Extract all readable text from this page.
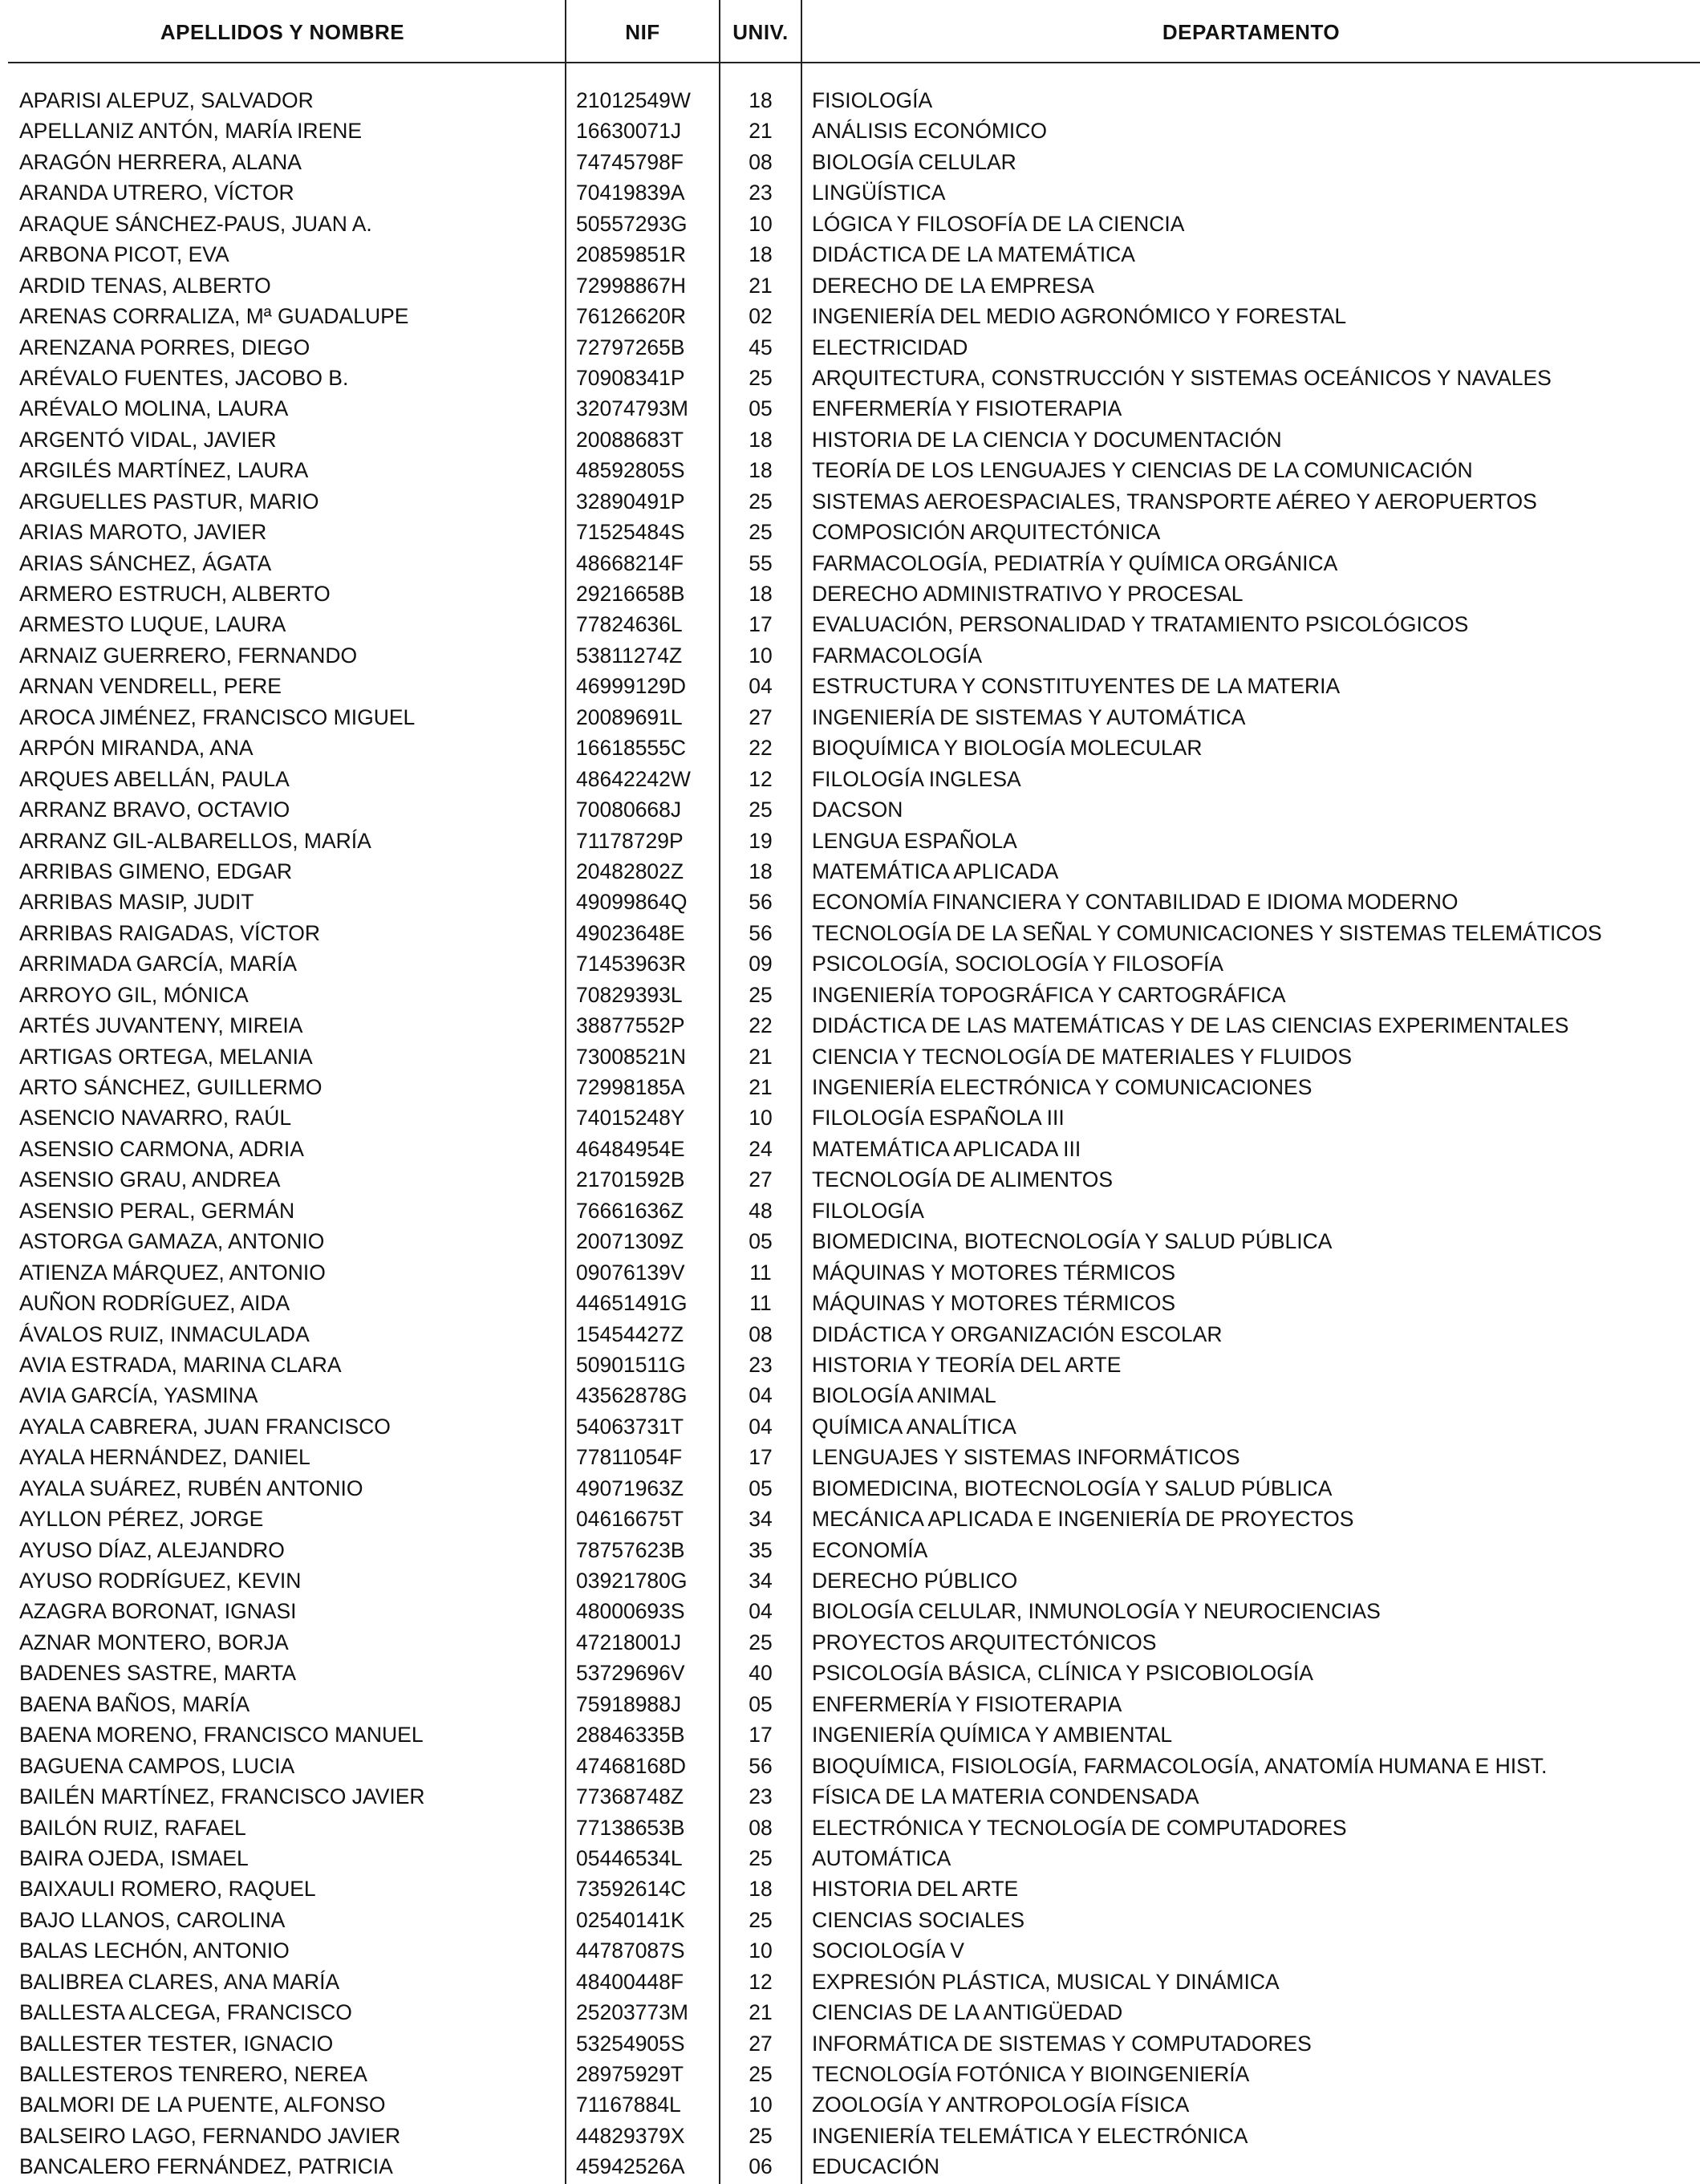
APELLIDOS Y NOMBRE	NIF	UNIV.	DEPARTAMENTO
APARISI ALEPUZ, SALVADOR	21012549W	18	FISIOLOGÍA
APELLANIZ ANTÓN, MARÍA IRENE	16630071J	21	ANÁLISIS ECONÓMICO
ARAGÓN HERRERA, ALANA	74745798F	08	BIOLOGÍA CELULAR
ARANDA UTRERO, VÍCTOR	70419839A	23	LINGÜÍSTICA
ARAQUE SÁNCHEZ-PAUS, JUAN A.	50557293G	10	LÓGICA Y FILOSOFÍA DE LA CIENCIA
ARBONA PICOT, EVA	20859851R	18	DIDÁCTICA DE LA MATEMÁTICA
ARDID TENAS, ALBERTO	72998867H	21	DERECHO DE LA EMPRESA
ARENAS CORRALIZA, Mª GUADALUPE	76126620R	02	INGENIERÍA DEL MEDIO AGRONÓMICO Y FORESTAL
ARENZANA PORRES, DIEGO	72797265B	45	ELECTRICIDAD
ARÉVALO FUENTES, JACOBO B.	70908341P	25	ARQUITECTURA, CONSTRUCCIÓN Y SISTEMAS OCEÁNICOS Y NAVALES
ARÉVALO MOLINA, LAURA	32074793M	05	ENFERMERÍA Y FISIOTERAPIA
ARGENTÓ VIDAL, JAVIER	20088683T	18	HISTORIA DE LA CIENCIA Y DOCUMENTACIÓN
ARGILÉS MARTÍNEZ, LAURA	48592805S	18	TEORÍA DE LOS LENGUAJES Y CIENCIAS DE LA COMUNICACIÓN
ARGUELLES PASTUR, MARIO	32890491P	25	SISTEMAS AEROESPACIALES, TRANSPORTE AÉREO Y AEROPUERTOS
ARIAS MAROTO, JAVIER	71525484S	25	COMPOSICIÓN ARQUITECTÓNICA
ARIAS SÁNCHEZ, ÁGATA	48668214F	55	FARMACOLOGÍA, PEDIATRÍA Y QUÍMICA ORGÁNICA
ARMERO ESTRUCH, ALBERTO	29216658B	18	DERECHO ADMINISTRATIVO Y PROCESAL
ARMESTO LUQUE, LAURA	77824636L	17	EVALUACIÓN, PERSONALIDAD Y TRATAMIENTO PSICOLÓGICOS
ARNAIZ GUERRERO, FERNANDO	53811274Z	10	FARMACOLOGÍA
ARNAN VENDRELL, PERE	46999129D	04	ESTRUCTURA Y CONSTITUYENTES DE LA MATERIA
AROCA JIMÉNEZ, FRANCISCO MIGUEL	20089691L	27	INGENIERÍA DE SISTEMAS Y AUTOMÁTICA
ARPÓN MIRANDA, ANA	16618555C	22	BIOQUÍMICA Y BIOLOGÍA MOLECULAR
ARQUES ABELLÁN, PAULA	48642242W	12	FILOLOGÍA INGLESA
ARRANZ BRAVO, OCTAVIO	70080668J	25	DACSON
ARRANZ GIL-ALBARELLOS, MARÍA	71178729P	19	LENGUA ESPAÑOLA
ARRIBAS GIMENO, EDGAR	20482802Z	18	MATEMÁTICA APLICADA
ARRIBAS MASIP, JUDIT	49099864Q	56	ECONOMÍA FINANCIERA Y CONTABILIDAD E IDIOMA MODERNO
ARRIBAS RAIGADAS, VÍCTOR	49023648E	56	TECNOLOGÍA DE LA SEÑAL Y COMUNICACIONES Y SISTEMAS TELEMÁTICOS
ARRIMADA GARCÍA, MARÍA	71453963R	09	PSICOLOGÍA, SOCIOLOGÍA Y FILOSOFÍA
ARROYO GIL, MÓNICA	70829393L	25	INGENIERÍA TOPOGRÁFICA Y CARTOGRÁFICA
ARTÉS JUVANTENY, MIREIA	38877552P	22	DIDÁCTICA DE LAS MATEMÁTICAS Y DE LAS CIENCIAS EXPERIMENTALES
ARTIGAS ORTEGA, MELANIA	73008521N	21	CIENCIA Y TECNOLOGÍA DE MATERIALES Y FLUIDOS
ARTO SÁNCHEZ, GUILLERMO	72998185A	21	INGENIERÍA ELECTRÓNICA Y COMUNICACIONES
ASENCIO NAVARRO, RAÚL	74015248Y	10	FILOLOGÍA ESPAÑOLA III
ASENSIO CARMONA, ADRIA	46484954E	24	MATEMÁTICA APLICADA III
ASENSIO GRAU, ANDREA	21701592B	27	TECNOLOGÍA DE ALIMENTOS
ASENSIO PERAL, GERMÁN	76661636Z	48	FILOLOGÍA
ASTORGA GAMAZA, ANTONIO	20071309Z	05	BIOMEDICINA, BIOTECNOLOGÍA Y SALUD PÚBLICA
ATIENZA MÁRQUEZ, ANTONIO	09076139V	11	MÁQUINAS Y MOTORES TÉRMICOS
AUÑON RODRÍGUEZ, AIDA	44651491G	11	MÁQUINAS Y MOTORES TÉRMICOS
ÁVALOS RUIZ, INMACULADA	15454427Z	08	DIDÁCTICA Y ORGANIZACIÓN ESCOLAR
AVIA ESTRADA, MARINA CLARA	50901511G	23	HISTORIA Y TEORÍA DEL ARTE
AVIA GARCÍA, YASMINA	43562878G	04	BIOLOGÍA ANIMAL
AYALA CABRERA, JUAN FRANCISCO	54063731T	04	QUÍMICA ANALÍTICA
AYALA HERNÁNDEZ, DANIEL	77811054F	17	LENGUAJES Y SISTEMAS INFORMÁTICOS
AYALA SUÁREZ, RUBÉN ANTONIO	49071963Z	05	BIOMEDICINA, BIOTECNOLOGÍA Y SALUD PÚBLICA
AYLLON PÉREZ, JORGE	04616675T	34	MECÁNICA APLICADA E INGENIERÍA DE PROYECTOS
AYUSO DÍAZ, ALEJANDRO	78757623B	35	ECONOMÍA
AYUSO RODRÍGUEZ, KEVIN	03921780G	34	DERECHO PÚBLICO
AZAGRA BORONAT, IGNASI	48000693S	04	BIOLOGÍA CELULAR, INMUNOLOGÍA Y NEUROCIENCIAS
AZNAR MONTERO, BORJA	47218001J	25	PROYECTOS ARQUITECTÓNICOS
BADENES SASTRE, MARTA	53729696V	40	PSICOLOGÍA BÁSICA, CLÍNICA Y PSICOBIOLOGÍA
BAENA BAÑOS, MARÍA	75918988J	05	ENFERMERÍA Y FISIOTERAPIA
BAENA MORENO, FRANCISCO MANUEL	28846335B	17	INGENIERÍA QUÍMICA Y AMBIENTAL
BAGUENA CAMPOS, LUCIA	47468168D	56	BIOQUÍMICA, FISIOLOGÍA, FARMACOLOGÍA, ANATOMÍA HUMANA E HIST.
BAILÉN MARTÍNEZ, FRANCISCO JAVIER	77368748Z	23	FÍSICA DE LA MATERIA CONDENSADA
BAILÓN RUIZ, RAFAEL	77138653B	08	ELECTRÓNICA Y TECNOLOGÍA DE COMPUTADORES
BAIRA OJEDA, ISMAEL	05446534L	25	AUTOMÁTICA
BAIXAULI ROMERO, RAQUEL	73592614C	18	HISTORIA DEL ARTE
BAJO LLANOS, CAROLINA	02540141K	25	CIENCIAS SOCIALES
BALAS LECHÓN, ANTONIO	44787087S	10	SOCIOLOGÍA V
BALIBREA CLARES, ANA MARÍA	48400448F	12	EXPRESIÓN PLÁSTICA, MUSICAL Y DINÁMICA
BALLESTA ALCEGA, FRANCISCO	25203773M	21	CIENCIAS DE LA ANTIGÜEDAD
BALLESTER TESTER, IGNACIO	53254905S	27	INFORMÁTICA DE SISTEMAS Y COMPUTADORES
BALLESTEROS TENRERO, NEREA	28975929T	25	TECNOLOGÍA FOTÓNICA Y BIOINGENIERÍA
BALMORI DE LA PUENTE, ALFONSO	71167884L	10	ZOOLOGÍA Y ANTROPOLOGÍA FÍSICA
BALSEIRO LAGO, FERNANDO JAVIER	44829379X	25	INGENIERÍA TELEMÁTICA Y ELECTRÓNICA
BANCALERO FERNÁNDEZ, PATRICIA	45942526A	06	EDUCACIÓN
